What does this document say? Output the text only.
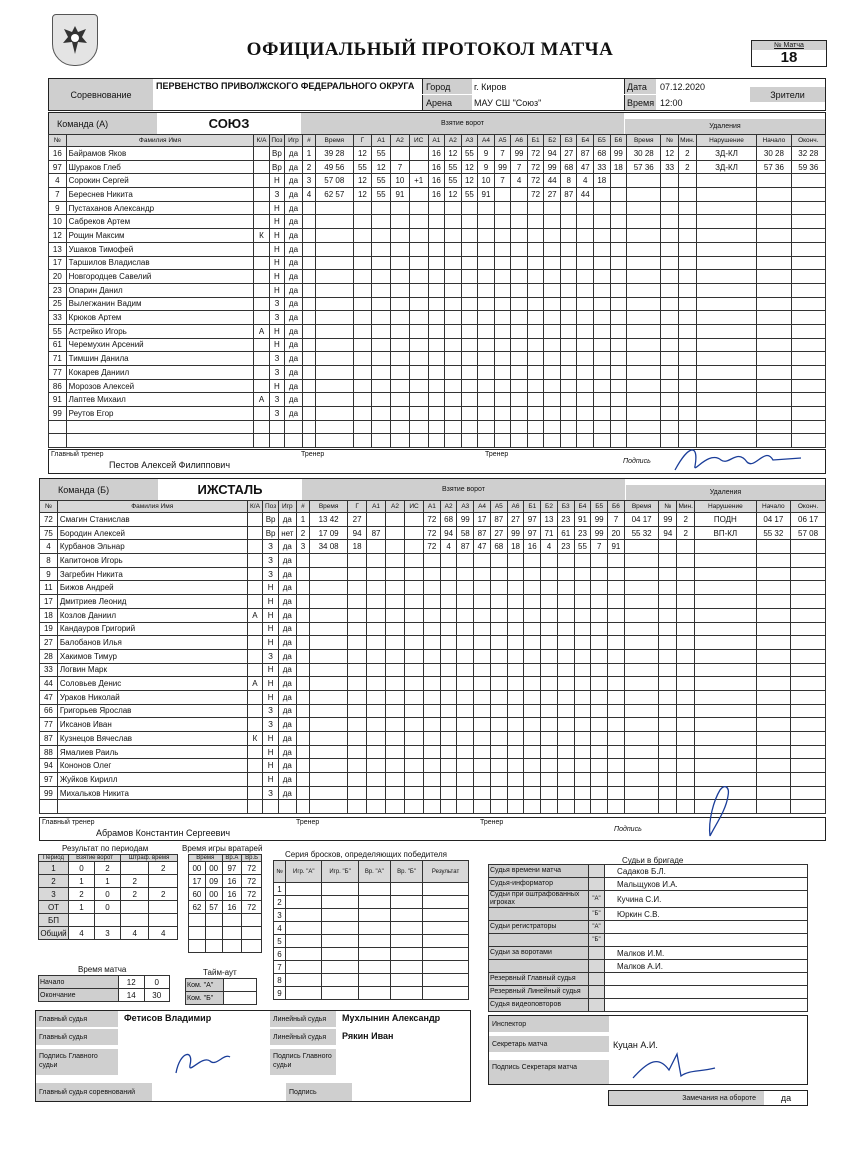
ОФИЦИАЛЬНЫЙ ПРОТОКОЛ МАТЧА	№ Матча
18
Соревнование
ПЕРВЕНСТВО ПРИВОЛЖСКОГО ФЕДЕРАЛЬНОГО ОКРУГА	Город	г. Киров
Арена	МАУ СШ "Союз"
Дата	07.12.2020
Время 12:00
Зрители
Команда (А)	СОЮЗ	Взятие ворот	Удаления
№	Фамилия Имя	К/А	Поз	Игр	#	Время	Г	А1	А2	ИС	А1	А2	А3	А4	А5	А6	Б1	Б2	Б3	Б4	Б5	Б6	Время	№	Мин.	Нарушение	Начало	Оконч.
16	Байрамов Яков		Вр	да	1	39 28	12	55			16	12	55	9	7	99	72	94	27	87	68	99	30 28	12	2	ЗД-КЛ	30 28	32 28
97	Шураков Глеб		Вр	да	2	49 56	55	12	7		16	55	12	9	99	7	72	99	68	47	33	18	57 36	33	2	ЗД-КЛ	57 36	59 36
4	Сорокин Сергей		Н	да	3	57 08	12	55	10	+1	16	55	12	10	7	4	72	44	8	4	18							
7	Береснев Никита		З	да	4	62 57	12	55	91		16	12	55	91			72	27	87	44								
9	Пустаханов Александр		Н	да																								
10	Сабреков Артем		Н	да																								
12	Рощин Максим	К	Н	да																								
13	Ушаков Тимофей		Н	да																								
17	Таршилов Владислав		Н	да																								
20	Новгородцев Савелий		Н	да																								
23	Опарин Данил		Н	да																								
25	Вылегжанин Вадим		З	да																								
33	Крюков Артем		З	да																								
55	Астрейко Игорь	А	Н	да																								
61	Черемухин Арсений		Н	да																								
71	Тимшин Данила		З	да																								
77	Кокарев Даниил		З	да																								
86	Морозов Алексей		Н	да																								
91	Лаптев Михаил	А	З	да																								
99	Реутов Егор		З	да																								

Главный тренер
Пестов Алексей Филиппович
Тренер	Тренер
Подпись
Команда (Б)	ИЖСТАЛЬ	Взятие ворот	Удаления
№	Фамилия Имя	К/А	Поз	Игр	#	Время	Г	А1	А2	ИС	А1	А2	А3	А4	А5	А6	Б1	Б2	Б3	Б4	Б5	Б6	Время	№	Мин.	Нарушение	Начало	Оконч.
72	Смагин Станислав		Вр	да	1	13 42	27				72	68	99	17	87	27	97	13	23	91	99	7	04 17	99	2	ПОДН	04 17	06 17
75	Бородин Алексей		Вр	нет	2	17 09	94	87			72	94	58	87	27	99	97	71	61	23	99	20	55 32	94	2	ВП-КЛ	55 32	57 08
4	Курбанов Эльнар		З	да	3	34 08	18				72	4	87	47	68	18	16	4	23	55	7	91						
8	Капитонов Игорь		З	да																								
9	Загребин Никита		З	да																								
11	Бижов Андрей		Н	да																								
17	Дмитриев Леонид		Н	да																								
18	Козлов Даниил	А	Н	да																								
19	Кандауров Григорий		Н	да																								
27	Балобанов Илья		Н	да																								
28	Хакимов Тимур		З	да																								
33	Логвин Марк		Н	да																								
44	Соловьев Денис	А	Н	да																								
47	Ураков Николай		Н	да																								
66	Григорьев Ярослав		З	да																								
77	Иксанов Иван		З	да																								
87	Кузнецов Вячеслав	К	Н	да																								
88	Ямалиев Раиль		Н	да																								
94	Кононов Олег		Н	да																								
97	Жуйков Кирилл		Н	да																								
99	Михальков Никита		З	да																								

Главный тренер
Абрамов Константин Сергеевич
Тренер	Тренер
Подпись
Результат по периодам
Период	Взятие ворот		Штраф. время	
1	0	2		2
2	1	1	2	
3	2	0	2	2
ОТ	1	0		
БП				
Общий	4	3	4	4
Время игры вратарей
Время		Вр.А	Вр.Б
00	00	97	72
17	09	16	72
60	00	16	72
62	57	16	72

Серия бросков, определяющих победителя
№	Игр. "А"	Игр. "Б"	Вр. "А"	Вр. "Б"	Результат
1					
2					
3					
4					
5					
6					
7					
8					
9					
Время матча
Начало	12	0
Окончание	14	30
Тайм-аут
Ком. "А"	
Ком. "Б"	
Главный судья	Фетисов Владимир
Главный судья
Линейный судья	Мухлынин Александр
Линейный судья	Рякин Иван
Подпись Главного судьи
Подпись Главного судьи
Главный судья соревнований	Подпись
Судьи в бригаде
Судья времени матча		Садаков Б.Л.
Судья-информатор		Мальщуков И.А.
Судьи при оштрафованных игроках	"А"	Кучина С.И.
	"Б"	Юркин С.В.
Судьи регистраторы	"А"	
	"Б"	
Судьи за воротами		Малков И.М.
		Малков А.И.
Резервный Главный судья		
Резервный Линейный судья		
Судья видеоповторов		
Инспектор
Секретарь матча	Куцан А.И.
Подпись Секретаря матча
Замечания на обороте	да
